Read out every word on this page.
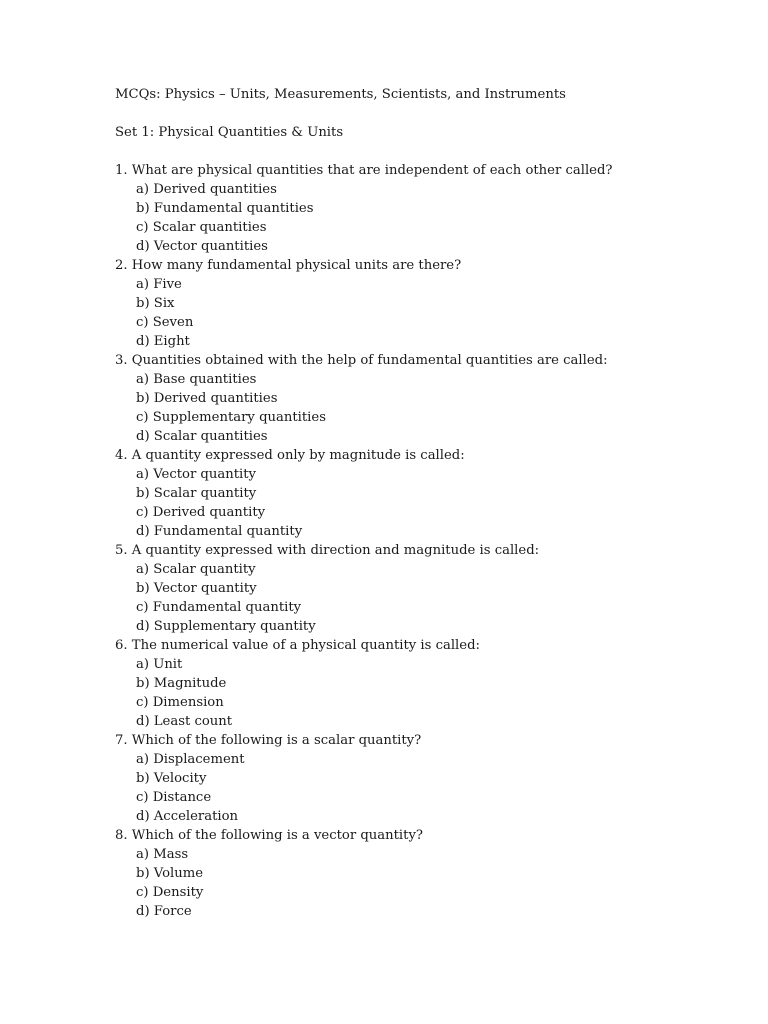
MCQs: Physics – Units, Measurements, Scientists, and Instruments
Set 1: Physical Quantities & Units
1. What are physical quantities that are independent of each other called?
a) Derived quantities
b) Fundamental quantities
c) Scalar quantities
d) Vector quantities
2. How many fundamental physical units are there?
a) Five
b) Six
c) Seven
d) Eight
3. Quantities obtained with the help of fundamental quantities are called:
a) Base quantities
b) Derived quantities
c) Supplementary quantities
d) Scalar quantities
4. A quantity expressed only by magnitude is called:
a) Vector quantity
b) Scalar quantity
c) Derived quantity
d) Fundamental quantity
5. A quantity expressed with direction and magnitude is called:
a) Scalar quantity
b) Vector quantity
c) Fundamental quantity
d) Supplementary quantity
6. The numerical value of a physical quantity is called:
a) Unit
b) Magnitude
c) Dimension
d) Least count
7. Which of the following is a scalar quantity?
a) Displacement
b) Velocity
c) Distance
d) Acceleration
8. Which of the following is a vector quantity?
a) Mass
b) Volume
c) Density
d) Force
